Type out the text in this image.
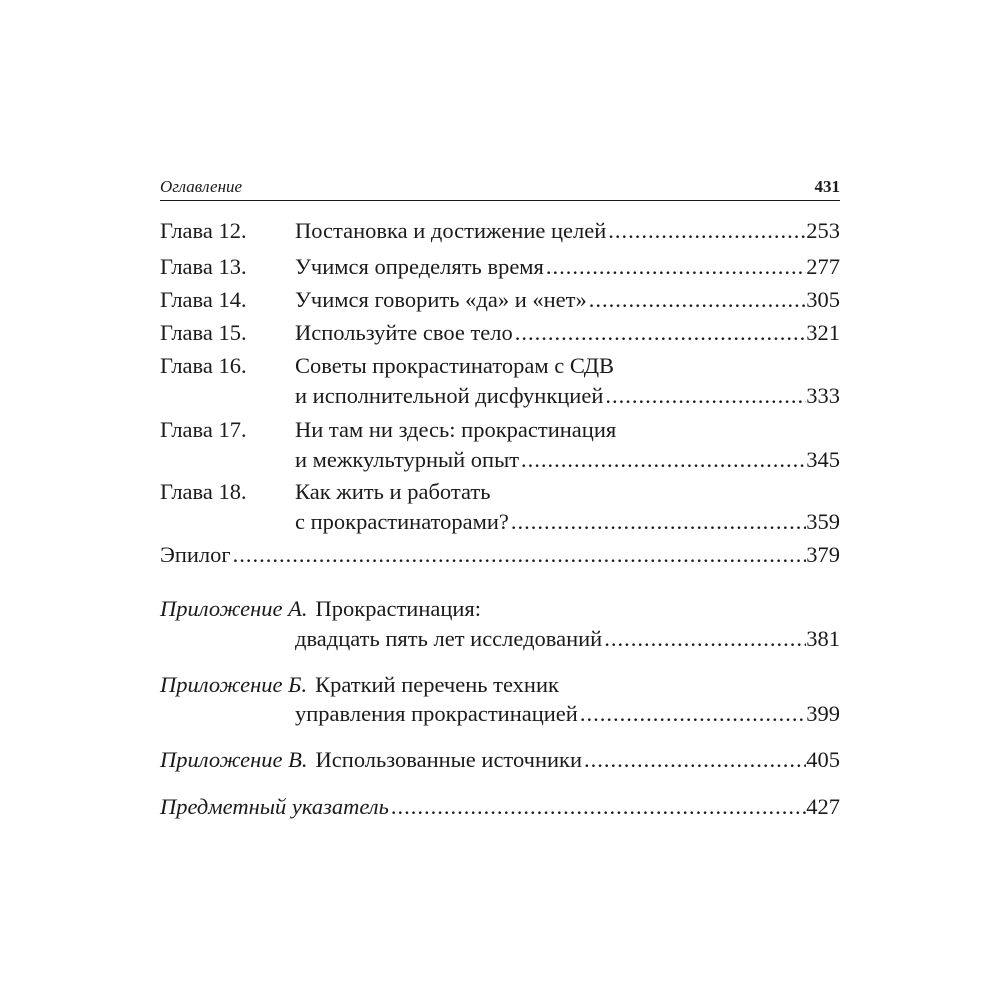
Оглавление	431
Глава 12.	Постановка и достижение целей .....	253
Глава 13.	Учимся определять время .....	277
Глава 14.	Учимся говорить «да» и «нет» .....	305
Глава 15.	Используйте свое тело .....	321
Глава 16.	Советы прокрастинаторам с СДВ
и исполнительной дисфункцией .....	333
Глава 17.	Ни там ни здесь: прокрастинация
и межкультурный опыт .....	345
Глава 18.	Как жить и работать
с прокрастинаторами? .....	359
Эпилог .....	379
Приложение А. Прокрастинация:
двадцать пять лет исследований .....	381
Приложение Б. Краткий перечень техник
управления прокрастинацией .....	399
Приложение В. Использованные источники .....	405
Предметный указатель .....	427
